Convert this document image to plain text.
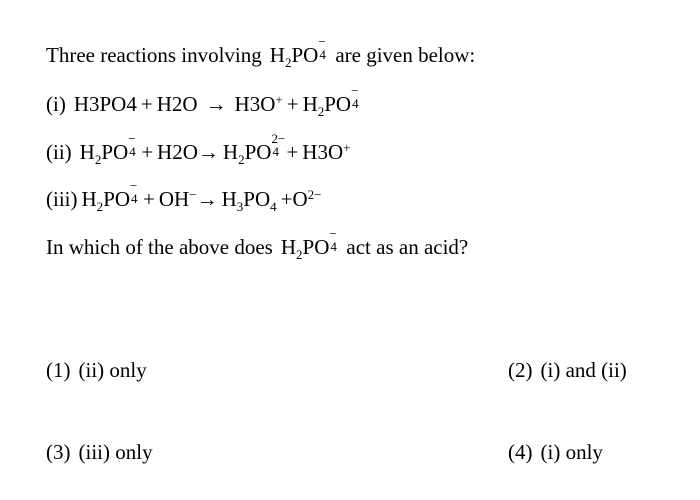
Three reactions involving $H_2PO$
−
4 are given below:
(i) $H3PO4 + H2O \to H3O^+ + H_2PO$
−
4
(ii) $H_2PO$
−
$4 + H2O\to H_2PO$
2−
4 + H3O+
(iii) $H_2PO$
−
$4 + OH^-\to H_3PO_4 +O^{2-}$
In which of the above does $H_2PO$
−
4 act as an acid?
(1) (ii) only	(2) (i) and (ii)
(3) (iii) only	(4) (i) only
